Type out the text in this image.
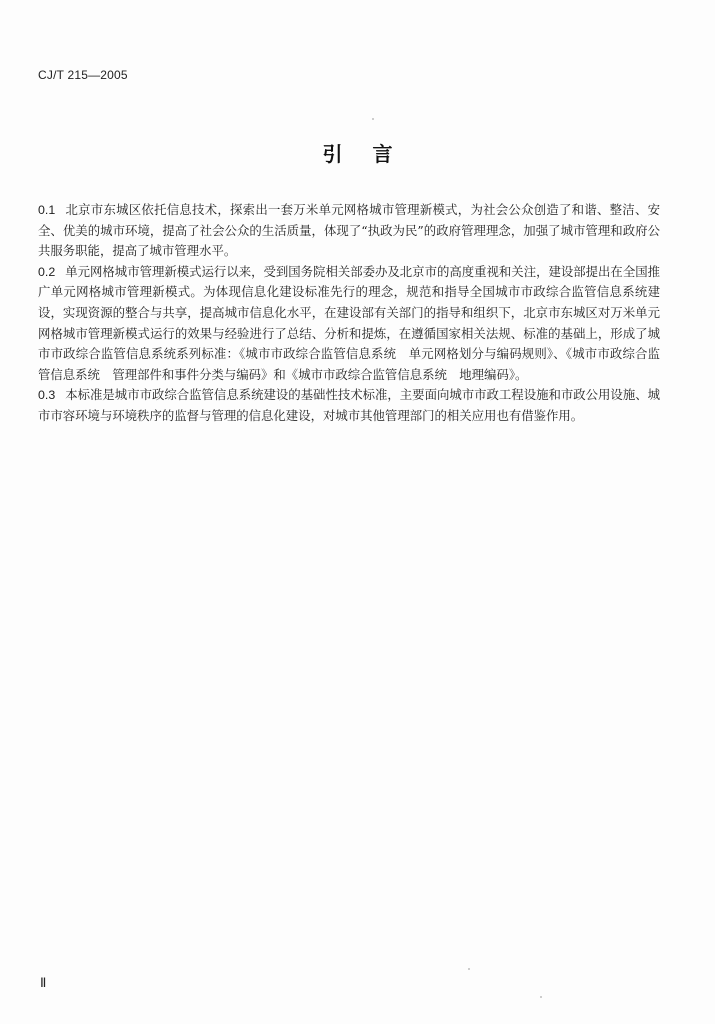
CJ/T 215—2005
引言

0.1 北京市东城区依托信息技术，探索出一套万米单元网格城市管理新模式，为社会公众创造了和谐、整洁、安全、优美的城市环境，提高了社会公众的生活质量，体现了“执政为民”的政府管理理念，加强了城市管理和政府公共服务职能，提高了城市管理水平。

0.2 单元网格城市管理新模式运行以来，受到国务院相关部委办及北京市的高度重视和关注，建设部提出在全国推广单元网格城市管理新模式。为体现信息化建设标准先行的理念，规范和指导全国城市市政综合监管信息系统建设，实现资源的整合与共享，提高城市信息化水平，在建设部有关部门的指导和组织下，北京市东城区对万米单元网格城市管理新模式运行的效果与经验进行了总结、分析和提炼，在遵循国家相关法规、标准的基础上，形成了城市市政综合监管信息系统系列标准：《城市市政综合监管信息系统　单元网格划分与编码规则》、《城市市政综合监管信息系统　管理部件和事件分类与编码》和《城市市政综合监管信息系统　地理编码》。

0.3 本标准是城市市政综合监管信息系统建设的基础性技术标准，主要面向城市市政工程设施和市政公用设施、城市市容环境与环境秩序的监督与管理的信息化建设，对城市其他管理部门的相关应用也有借鉴作用。

Ⅱ
